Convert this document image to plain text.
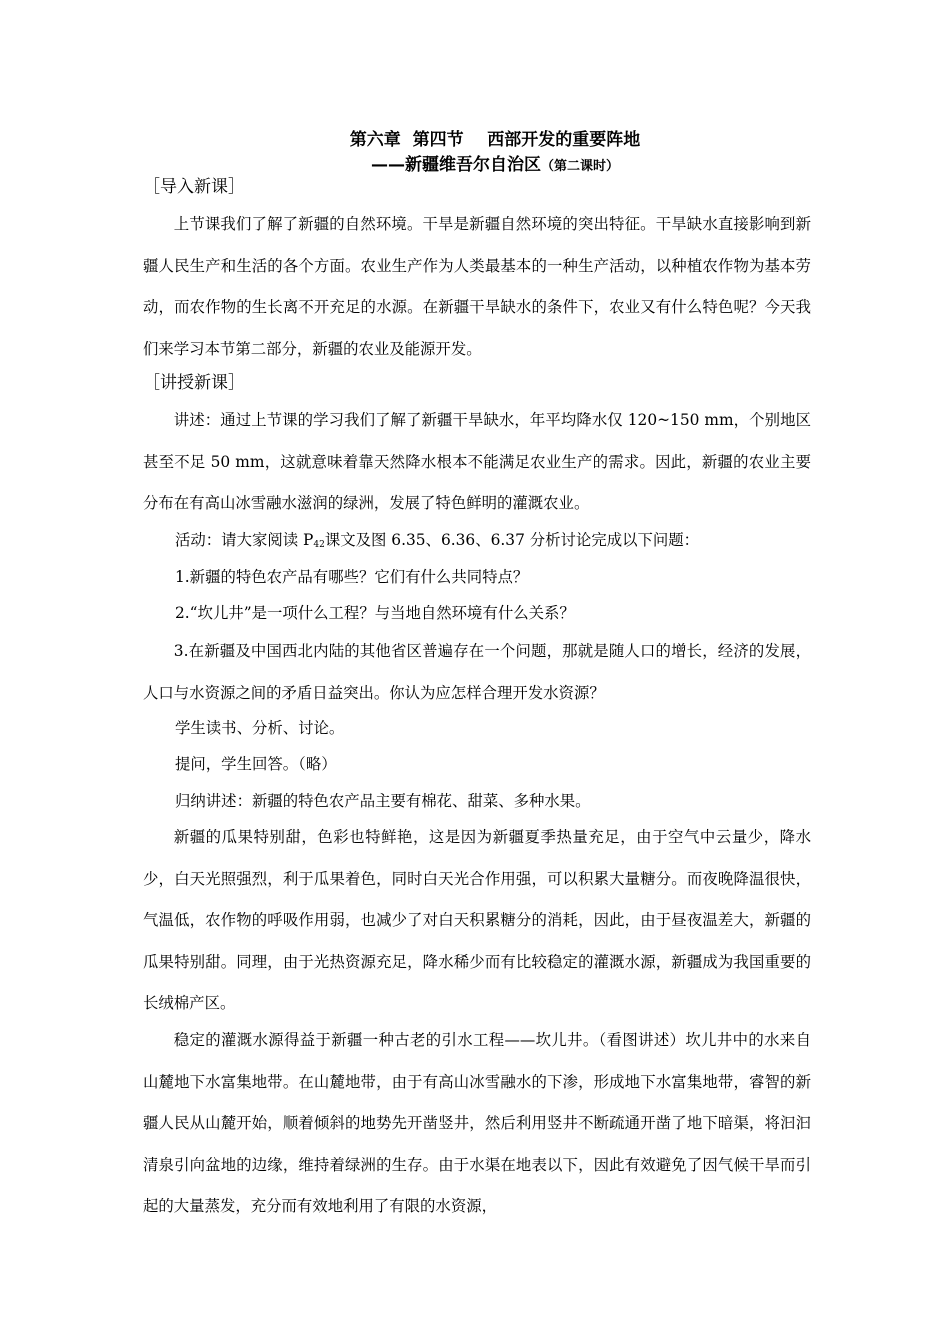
第六章  第四节    西部开发的重要阵地
——新疆维吾尔自治区（第二课时）
［导入新课］

上节课我们了解了新疆的自然环境。干旱是新疆自然环境的突出特征。干旱缺水直接影响到新疆人民生产和生活的各个方面。农业生产作为人类最基本的一种生产活动，以种植农作物为基本劳动，而农作物的生长离不开充足的水源。在新疆干旱缺水的条件下，农业又有什么特色呢？今天我们来学习本节第二部分，新疆的农业及能源开发。

［讲授新课］

讲述：通过上节课的学习我们了解了新疆干旱缺水，年平均降水仅 120~150 mm，个别地区甚至不足 50 mm，这就意味着靠天然降水根本不能满足农业生产的需求。因此，新疆的农业主要分布在有高山冰雪融水滋润的绿洲，发展了特色鲜明的灌溉农业。

活动：请大家阅读 $P_{42}$课文及图 6.35、6.36、6.37 分析讨论完成以下问题：
1.新疆的特色农产品有哪些？它们有什么共同特点？
2.“坎儿井”是一项什么工程？与当地自然环境有什么关系？

3.在新疆及中国西北内陆的其他省区普遍存在一个问题，那就是随人口的增长，经济的发展，人口与水资源之间的矛盾日益突出。你认为应怎样合理开发水资源？

学生读书、分析、讨论。
提问，学生回答。（略）
归纳讲述：新疆的特色农产品主要有棉花、甜菜、多种水果。

新疆的瓜果特别甜，色彩也特鲜艳，这是因为新疆夏季热量充足，由于空气中云量少，降水少，白天光照强烈，利于瓜果着色，同时白天光合作用强，可以积累大量糖分。而夜晚降温很快，气温低，农作物的呼吸作用弱，也减少了对白天积累糖分的消耗，因此，由于昼夜温差大，新疆的瓜果特别甜。同理，由于光热资源充足，降水稀少而有比较稳定的灌溉水源，新疆成为我国重要的长绒棉产区。

稳定的灌溉水源得益于新疆一种古老的引水工程——坎儿井。（看图讲述）坎儿井中的水来自山麓地下水富集地带。在山麓地带，由于有高山冰雪融水的下渗，形成地下水富集地带，睿智的新疆人民从山麓开始，顺着倾斜的地势先开凿竖井，然后利用竖井不断疏通开凿了地下暗渠，将汩汩清泉引向盆地的边缘，维持着绿洲的生存。由于水渠在地表以下，因此有效避免了因气候干旱而引起的大量蒸发，充分而有效地利用了有限的水资源，
